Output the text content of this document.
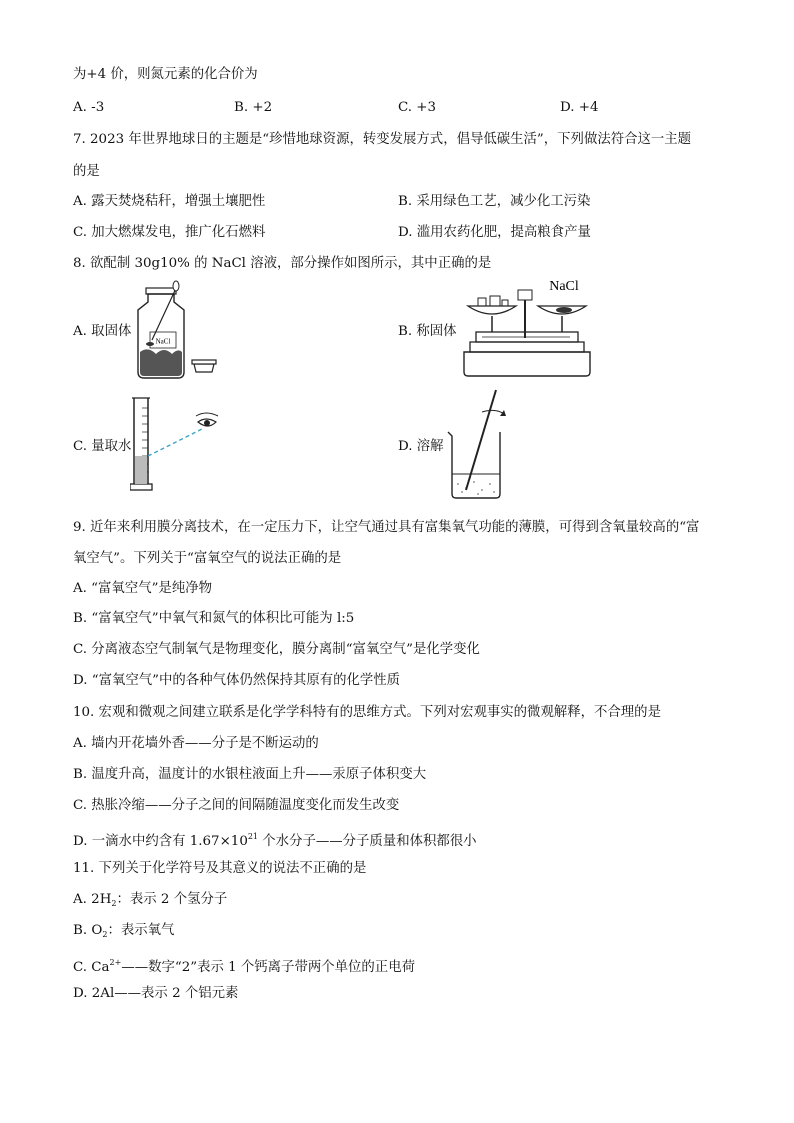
为+4 价，则氮元素的化合价为
A. -3	B. +2	C. +3	D. +4
7. 2023 年世界地球日的主题是“珍惜地球资源，转变发展方式，倡导低碳生活”，下列做法符合这一主题
的是
A. 露天焚烧秸秆，增强土壤肥性	B. 采用绿色工艺，减少化工污染
C. 加大燃煤发电，推广化石燃料	D. 滥用农药化肥，提高粮食产量
8. 欲配制 30g10% 的 NaCl 溶液，部分操作如图所示，其中正确的是
A. 取固体
NaCl
B. 称固体
NaCl
C. 量取水	D. 溶解
9. 近年来利用膜分离技术，在一定压力下，让空气通过具有富集氧气功能的薄膜，可得到含氧量较高的“富
氧空气”。下列关于“富氧空气的说法正确的是
A. “富氧空气”是纯净物
B. “富氧空气”中氧气和氮气的体积比可能为 l:5
C. 分离液态空气制氧气是物理变化，膜分离制“富氧空气”是化学变化
D. “富氧空气”中的各种气体仍然保持其原有的化学性质
10. 宏观和微观之间建立联系是化学学科特有的思维方式。下列对宏观事实的微观解释，不合理的是
A. 墙内开花墙外香——分子是不断运动的
B. 温度升高，温度计的水银柱液面上升——汞原子体积变大
C. 热胀冷缩——分子之间的间隔随温度变化而发生改变
D. 一滴水中约含有 $1.67\times 10^{21}$ 个水分子——分子质量和体积都很小
11. 下列关于化学符号及其意义的说法不正确的是
A. $2H_2$：表示 2 个氢分子
B. $O_2$：表示氧气
C. $Ca^{2+}——$数字“2”表示 1 个钙离子带两个单位的正电荷
D. 2Al——表示 2 个铝元素
